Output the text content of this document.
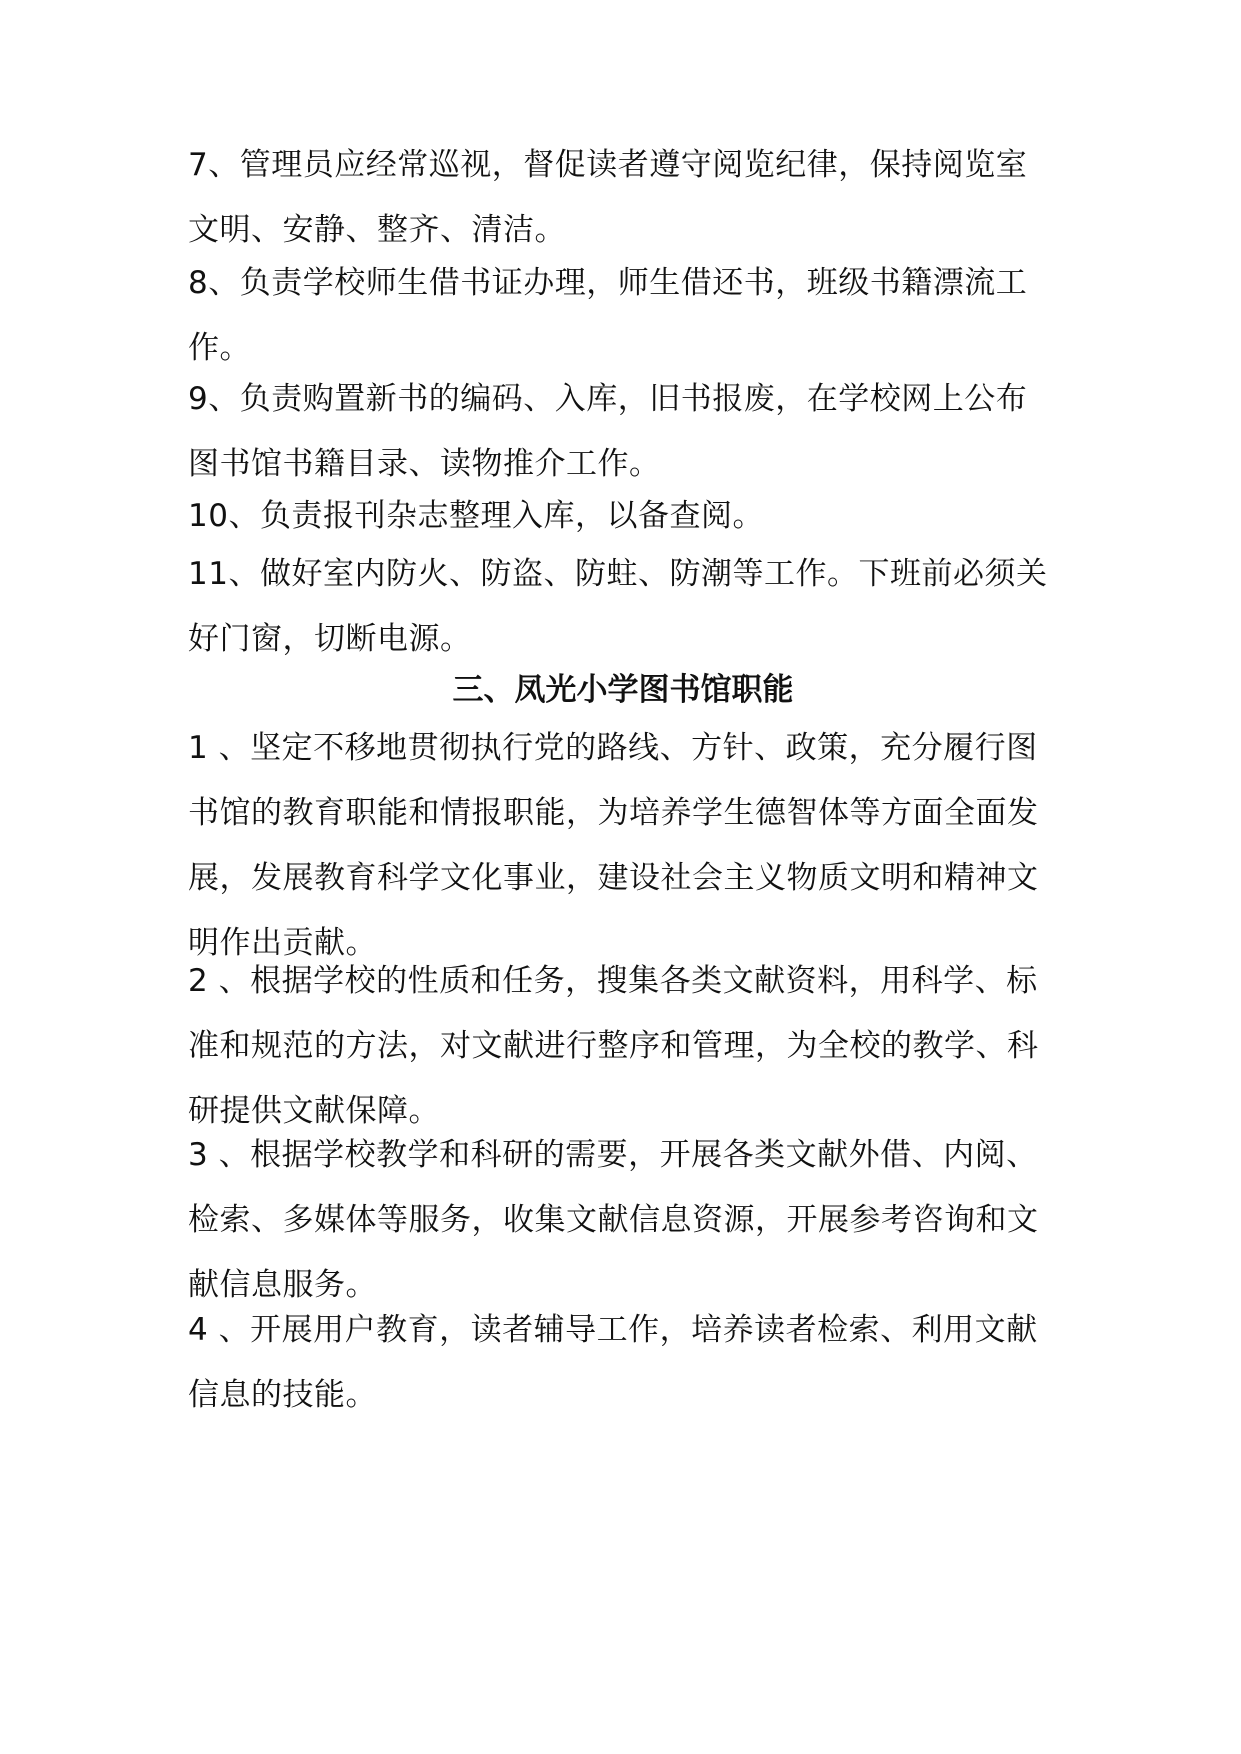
7、管理员应经常巡视，督促读者遵守阅览纪律，保持阅览室文明、安静、整齐、清洁。

8、负责学校师生借书证办理，师生借还书，班级书籍漂流工作。

9、负责购置新书的编码、入库，旧书报废，在学校网上公布图书馆书籍目录、读物推介工作。

10、负责报刊杂志整理入库，以备查阅。

11、做好室内防火、防盗、防蛀、防潮等工作。下班前必须关好门窗，切断电源。

三、凤光小学图书馆职能

1 、坚定不移地贯彻执行党的路线、方针、政策，充分履行图书馆的教育职能和情报职能，为培养学生德智体等方面全面发展，发展教育科学文化事业，建设社会主义物质文明和精神文明作出贡献。

2 、根据学校的性质和任务，搜集各类文献资料，用科学、标准和规范的方法，对文献进行整序和管理，为全校的教学、科研提供文献保障。

3 、根据学校教学和科研的需要，开展各类文献外借、内阅、检索、多媒体等服务，收集文献信息资源，开展参考咨询和文献信息服务。

4 、开展用户教育，读者辅导工作，培养读者检索、利用文献信息的技能。
